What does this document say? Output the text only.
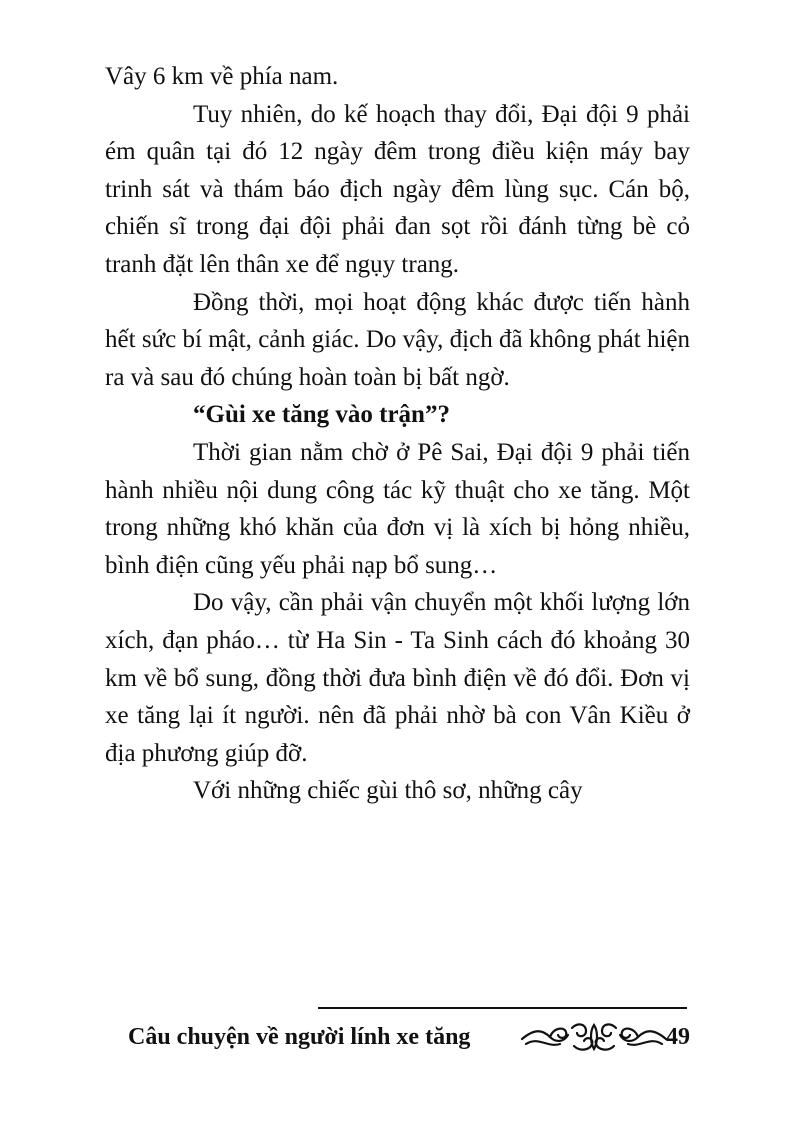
Vây 6 km về phía nam.

Tuy nhiên, do kế hoạch thay đổi, Đại đội 9 phải ém quân tại đó 12 ngày đêm trong điều kiện máy bay trinh sát và thám báo địch ngày đêm lùng sục. Cán bộ, chiến sĩ trong đại đội phải đan sọt rồi đánh từng bè cỏ tranh đặt lên thân xe để ngụy trang.

Đồng thời, mọi hoạt động khác được tiến hành hết sức bí mật, cảnh giác. Do vậy, địch đã không phát hiện ra và sau đó chúng hoàn toàn bị bất ngờ.

“Gùi xe tăng vào trận”?

Thời gian nằm chờ ở Pê Sai, Đại đội 9 phải tiến hành nhiều nội dung công tác kỹ thuật cho xe tăng. Một trong những khó khăn của đơn vị là xích bị hỏng nhiều, bình điện cũng yếu phải nạp bổ sung…

Do vậy, cần phải vận chuyển một khối lượng lớn xích, đạn pháo… từ Ha Sin - Ta Sinh cách đó khoảng 30 km về bổ sung, đồng thời đưa bình điện về đó đổi. Đơn vị xe tăng lại ít người. nên đã phải nhờ bà con Vân Kiều ở địa phương giúp đỡ.

Với những chiếc gùi thô sơ, những cây

Câu chuyện về người lính xe tăng	49
